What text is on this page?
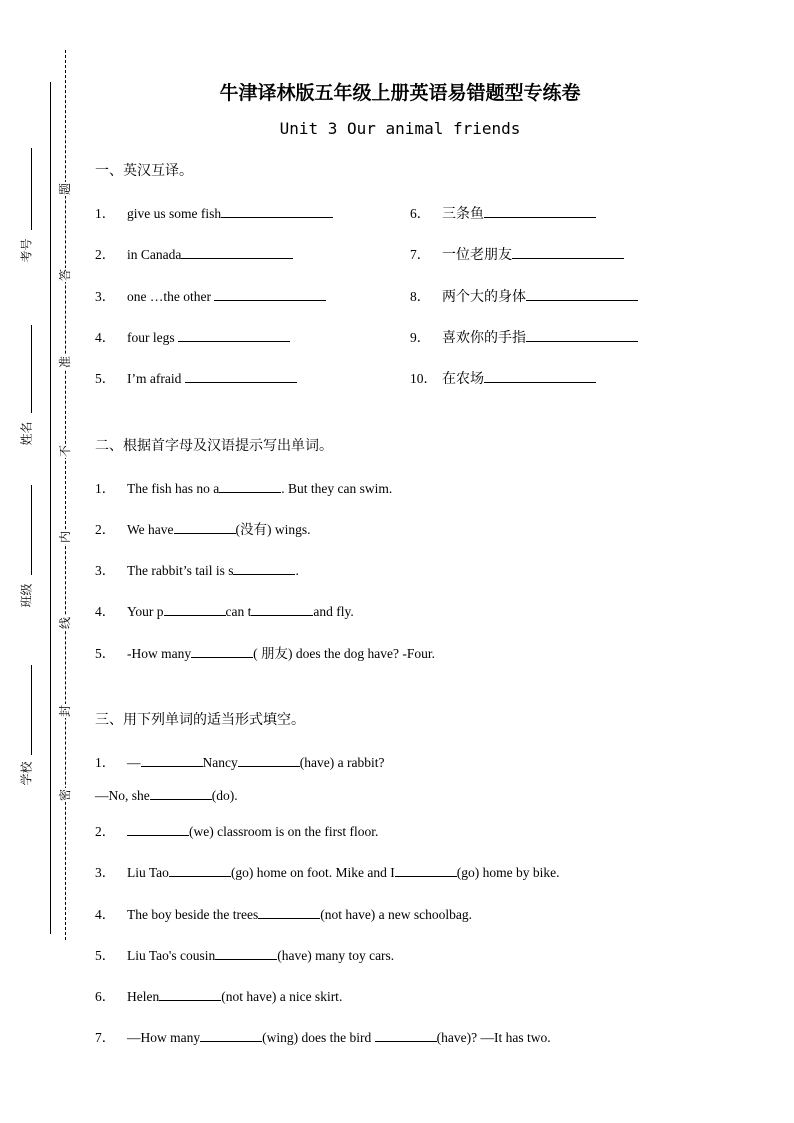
题
答
准
不
内
线
封
密
考号
姓名
班级
学校
牛津译林版五年级上册英语易错题型专练卷
Unit 3 Our animal friends
一、英汉互译。
1． give us some fish
2． in Canada
3． one …the other
4． four legs
5． I’m afraid
6． 三条鱼
7． 一位老朋友
8． 两个大的身体
9． 喜欢你的手指
10． 在农场
二、根据首字母及汉语提示写出单词。
1． The fish has no a	. But they can swim.
2． We have	(没有) wings.
3． The rabbit’s tail is s	.
4． Your p	can t	and fly.
5． -How many	( 朋友) does the dog have? -Four.
三、用下列单词的适当形式填空。
1． —	Nancy	(have) a rabbit?
—No, she	(do).
2．	(we) classroom is on the first floor.
3． Liu Tao	(go) home on foot. Mike and I	(go) home by bike.
4． The boy beside the trees	(not have) a new schoolbag.
5． Liu Tao's cousin	(have) many toy cars.
6． Helen	(not have) a nice skirt.
7． —How many	(wing) does the bird	(have)? —It has two.
